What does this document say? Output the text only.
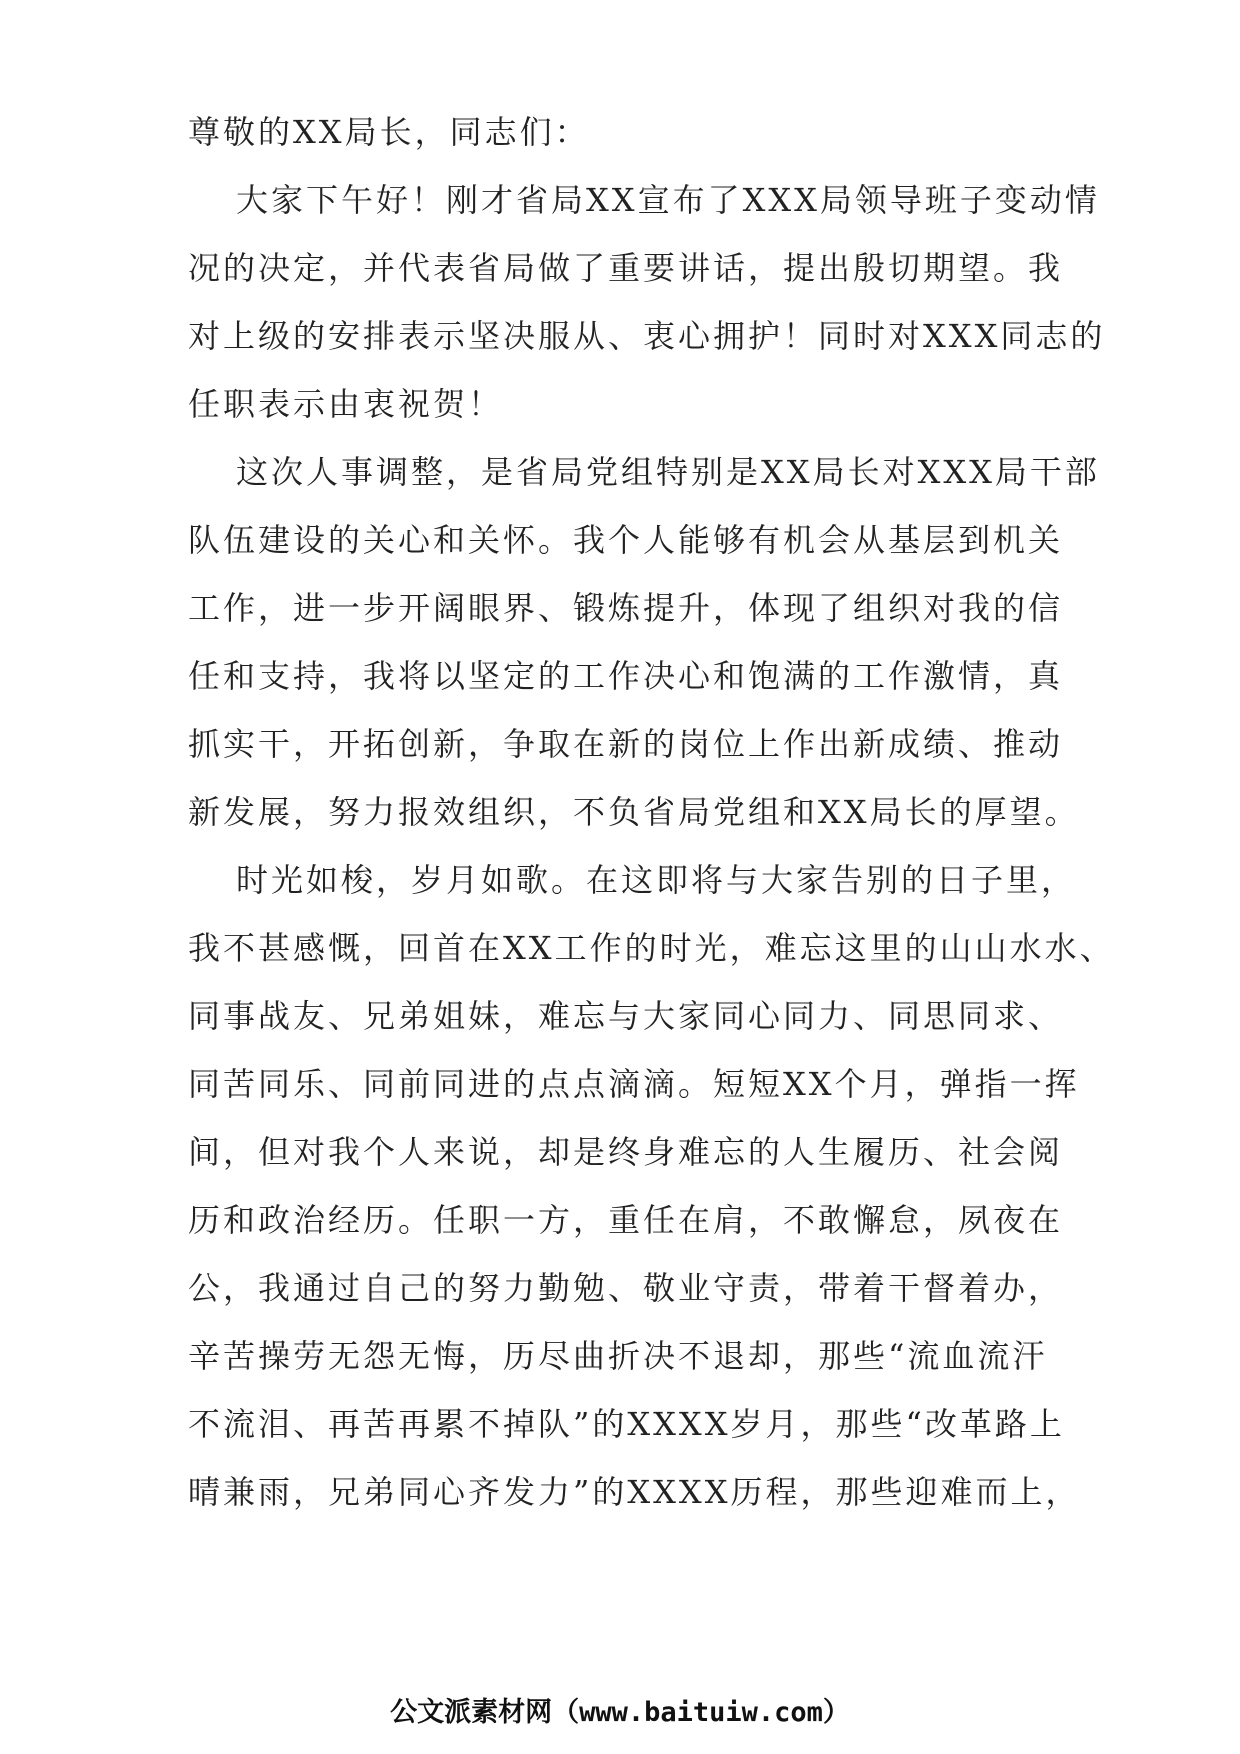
尊敬的XX局长，同志们：
大家下午好！刚才省局XX宣布了XXX局领导班子变动情
况的决定，并代表省局做了重要讲话，提出殷切期望。我
对上级的安排表示坚决服从、衷心拥护！同时对XXX同志的
任职表示由衷祝贺！
这次人事调整，是省局党组特别是XX局长对XXX局干部
队伍建设的关心和关怀。我个人能够有机会从基层到机关
工作，进一步开阔眼界、锻炼提升，体现了组织对我的信
任和支持，我将以坚定的工作决心和饱满的工作激情，真
抓实干，开拓创新，争取在新的岗位上作出新成绩、推动
新发展，努力报效组织，不负省局党组和XX局长的厚望。
时光如梭，岁月如歌。在这即将与大家告别的日子里，
我不甚感慨，回首在XX工作的时光，难忘这里的山山水水、
同事战友、兄弟姐妹，难忘与大家同心同力、同思同求、
同苦同乐、同前同进的点点滴滴。短短XX个月，弹指一挥
间，但对我个人来说，却是终身难忘的人生履历、社会阅
历和政治经历。任职一方，重任在肩，不敢懈怠，夙夜在
公，我通过自己的努力勤勉、敬业守责，带着干督着办，
辛苦操劳无怨无悔，历尽曲折决不退却，那些“流血流汗
不流泪、再苦再累不掉队”的XXXX岁月，那些“改革路上
晴兼雨，兄弟同心齐发力”的XXXX历程，那些迎难而上，
公文派素材网（www.baituiw.com）
